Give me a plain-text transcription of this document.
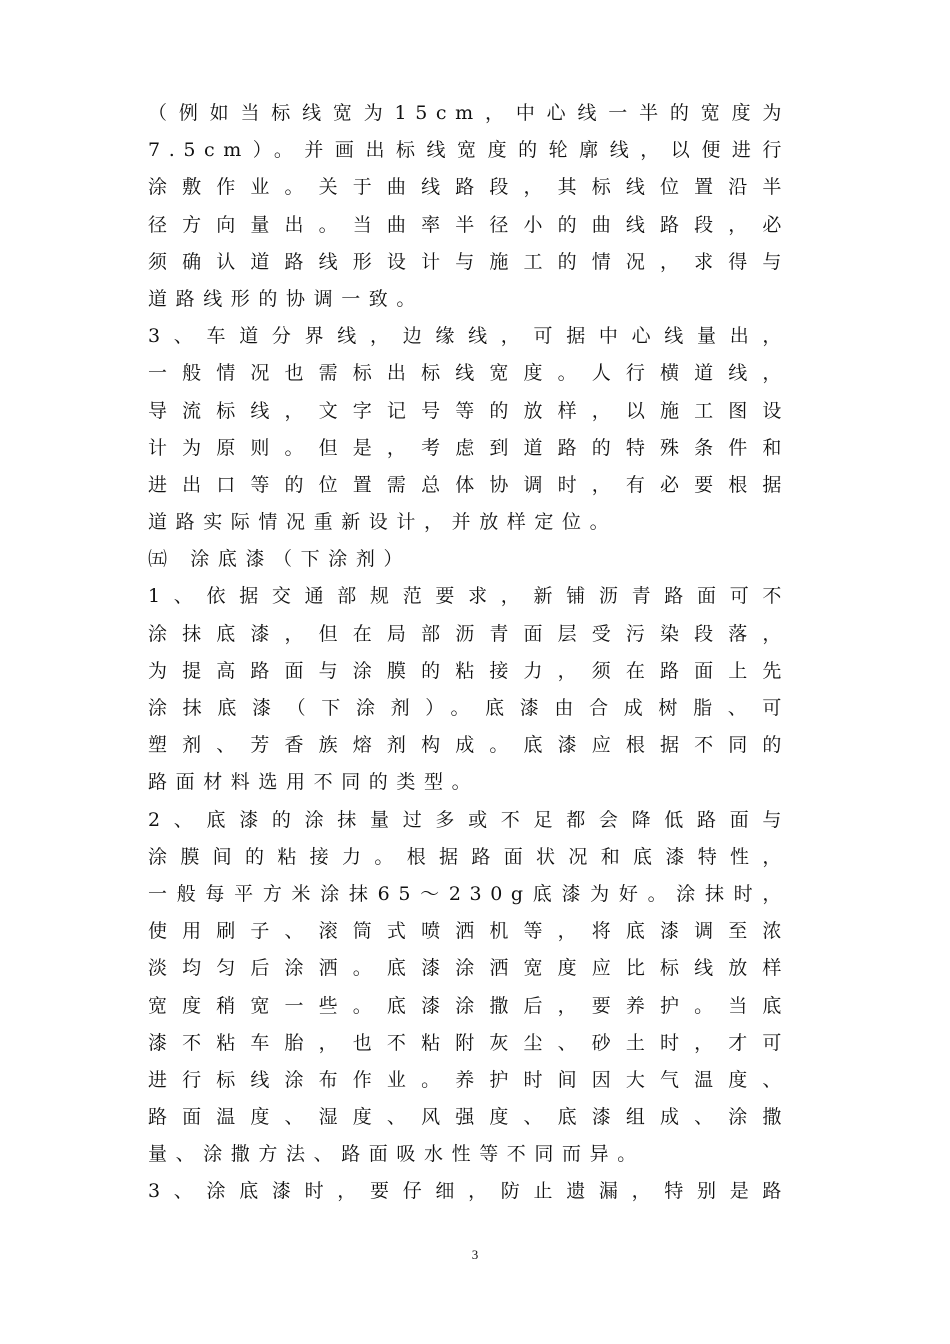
（例如当标线宽为15cm，中心线一半的宽度为
7.5cm）。并画出标线宽度的轮廓线，以便进行
涂敷作业。关于曲线路段，其标线位置沿半
径方向量出。当曲率半径小的曲线路段，必
须确认道路线形设计与施工的情况，求得与
道路线形的协调一致。
3、车道分界线，边缘线，可据中心线量出，
一般情况也需标出标线宽度。人行横道线，
导流标线，文字记号等的放样，以施工图设
计为原则。但是，考虑到道路的特殊条件和
进出口等的位置需总体协调时，有必要根据
道路实际情况重新设计，并放样定位。
㈤ 涂底漆（下涂剂）
1、依据交通部规范要求，新铺沥青路面可不
涂抹底漆，但在局部沥青面层受污染段落，
为提高路面与涂膜的粘接力，须在路面上先
涂抹底漆（下涂剂）。底漆由合成树脂、可
塑剂、芳香族熔剂构成。底漆应根据不同的
路面材料选用不同的类型。
2、底漆的涂抹量过多或不足都会降低路面与
涂膜间的粘接力。根据路面状况和底漆特性，
一般每平方米涂抹65～230g底漆为好。涂抹时，
使用刷子、滚筒式喷洒机等，将底漆调至浓
淡均匀后涂洒。底漆涂洒宽度应比标线放样
宽度稍宽一些。底漆涂撒后，要养护。当底
漆不粘车胎，也不粘附灰尘、砂土时，才可
进行标线涂布作业。养护时间因大气温度、
路面温度、湿度、风强度、底漆组成、涂撒
量、涂撒方法、路面吸水性等不同而异。
3、涂底漆时，要仔细，防止遗漏，特别是路
3
